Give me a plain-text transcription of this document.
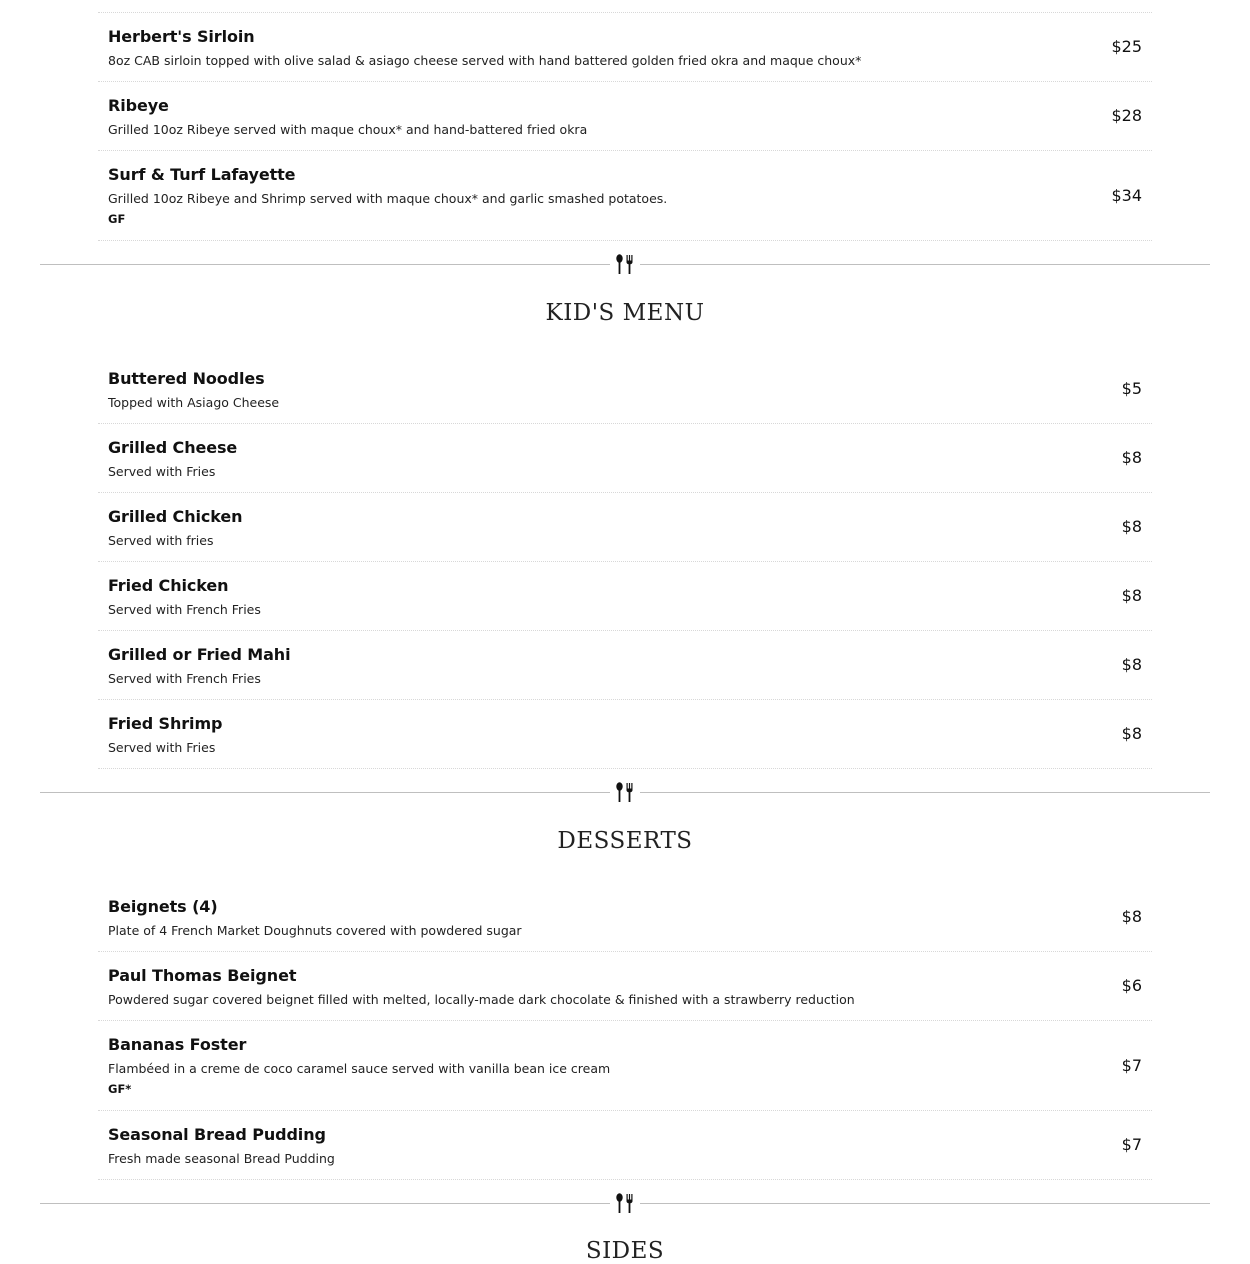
Herbert's Sirloin
8oz CAB sirloin topped with olive salad & asiago cheese served with hand battered golden fried okra and maque choux*
$25
Ribeye
Grilled 10oz Ribeye served with maque choux* and hand-battered fried okra
$28
Surf & Turf Lafayette
Grilled 10oz Ribeye and Shrimp served with maque choux* and garlic smashed potatoes.
GF
$34
KID'S MENU
Buttered Noodles
Topped with Asiago Cheese
$5
Grilled Cheese
Served with Fries
$8
Grilled Chicken
Served with fries
$8
Fried Chicken
Served with French Fries
$8
Grilled or Fried Mahi
Served with French Fries
$8
Fried Shrimp
Served with Fries
$8
DESSERTS
Beignets (4)
Plate of 4 French Market Doughnuts covered with powdered sugar
$8
Paul Thomas Beignet
Powdered sugar covered beignet filled with melted, locally-made dark chocolate & finished with a strawberry reduction
$6
Bananas Foster
Flambéed in a creme de coco caramel sauce served with vanilla bean ice cream
GF*
$7
Seasonal Bread Pudding
Fresh made seasonal Bread Pudding
$7
SIDES
